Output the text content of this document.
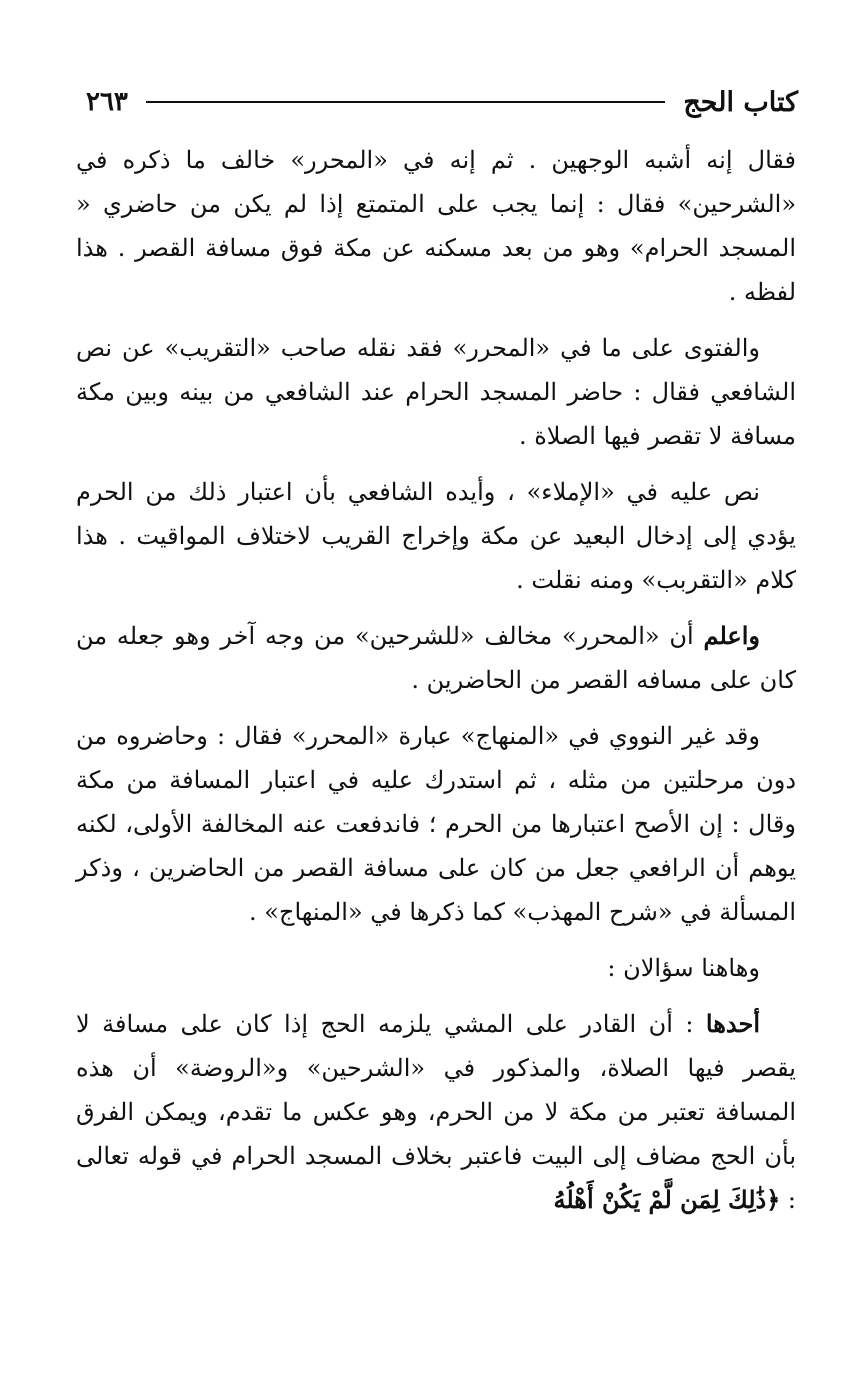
كتاب الحج
٢٦٣

فقال إنه أشبه الوجهين . ثم إنه في «المحرر» خالف ما ذكره في «الشرحين» فقال : إنما يجب على المتمتع إذا لم يكن من حاضري « المسجد الحرام» وهو من بعد مسكنه عن مكة فوق مسافة القصر . هذا لفظه .

والفتوى على ما في «المحرر» فقد نقله صاحب «التقريب» عن نص الشافعي فقال : حاضر المسجد الحرام عند الشافعي من بينه وبين مكة مسافة لا تقصر فيها الصلاة .

نص عليه في «الإملاء» ، وأيده الشافعي بأن اعتبار ذلك من الحرم يؤدي إلى إدخال البعيد عن مكة وإخراج القريب لاختلاف المواقيت . هذا كلام «التقربب» ومنه نقلت .

واعلم أن «المحرر» مخالف «للشرحين» من وجه آخر وهو جعله من كان على مسافه القصر من الحاضرين .

وقد غير النووي في «المنهاج» عبارة «المحرر» فقال : وحاضروه من دون مرحلتين من مثله ، ثم استدرك عليه في اعتبار المسافة من مكة وقال : إن الأصح اعتبارها من الحرم ؛ فاندفعت عنه المخالفة الأولى، لكنه يوهم أن الرافعي جعل من كان على مسافة القصر من الحاضرين ، وذكر المسألة في «شرح المهذب» كما ذكرها في «المنهاج» .

وهاهنا سؤالان :

أحدها : أن القادر على المشي يلزمه الحج إذا كان على مسافة لا يقصر فيها الصلاة، والمذكور في «الشرحين» و«الروضة» أن هذه المسافة تعتبر من مكة لا من الحرم، وهو عكس ما تقدم، ويمكن الفرق بأن الحج مضاف إلى البيت فاعتبر بخلاف المسجد الحرام في قوله تعالى : ﴿ذَٰلِكَ لِمَن لَّمْ يَكُنْ أَهْلُهُ
